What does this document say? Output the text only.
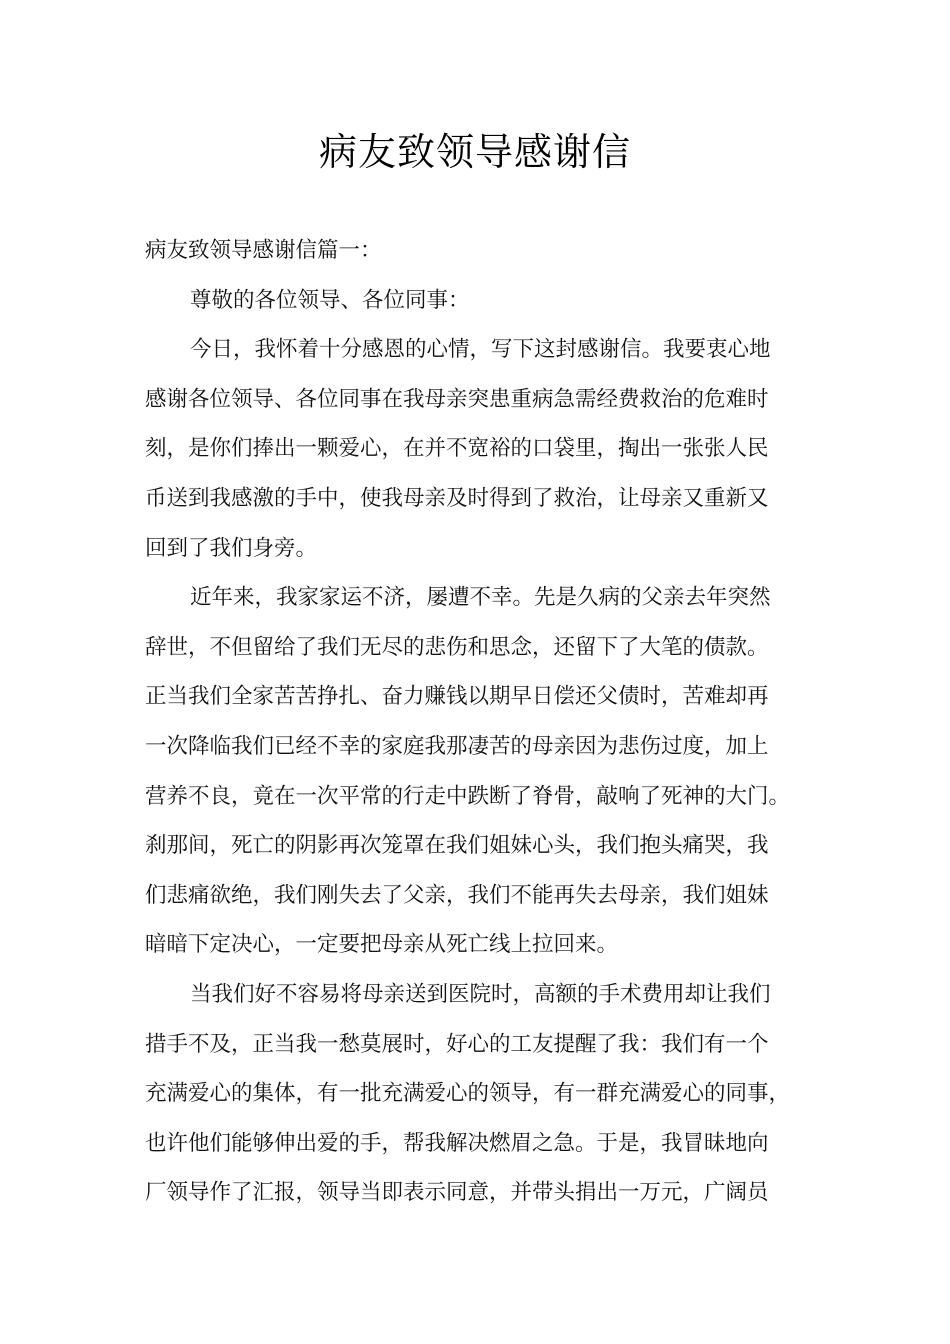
病友致领导感谢信
病友致领导感谢信篇一：
尊敬的各位领导、各位同事：
今日，我怀着十分感恩的心情，写下这封感谢信。我要衷心地
感谢各位领导、各位同事在我母亲突患重病急需经费救治的危难时
刻，是你们捧出一颗爱心，在并不宽裕的口袋里，掏出一张张人民
币送到我感激的手中，使我母亲及时得到了救治，让母亲又重新又
回到了我们身旁。
近年来，我家家运不济，屡遭不幸。先是久病的父亲去年突然
辞世，不但留给了我们无尽的悲伤和思念，还留下了大笔的债款。
正当我们全家苦苦挣扎、奋力赚钱以期早日偿还父债时，苦难却再
一次降临我们已经不幸的家庭我那凄苦的母亲因为悲伤过度，加上
营养不良，竟在一次平常的行走中跌断了脊骨，敲响了死神的大门。
刹那间，死亡的阴影再次笼罩在我们姐妹心头，我们抱头痛哭，我
们悲痛欲绝，我们刚失去了父亲，我们不能再失去母亲，我们姐妹
暗暗下定决心，一定要把母亲从死亡线上拉回来。
当我们好不容易将母亲送到医院时，高额的手术费用却让我们
措手不及，正当我一愁莫展时，好心的工友提醒了我：我们有一个
充满爱心的集体，有一批充满爱心的领导，有一群充满爱心的同事，
也许他们能够伸出爱的手，帮我解决燃眉之急。于是，我冒昧地向
厂领导作了汇报，领导当即表示同意，并带头捐出一万元，广阔员
